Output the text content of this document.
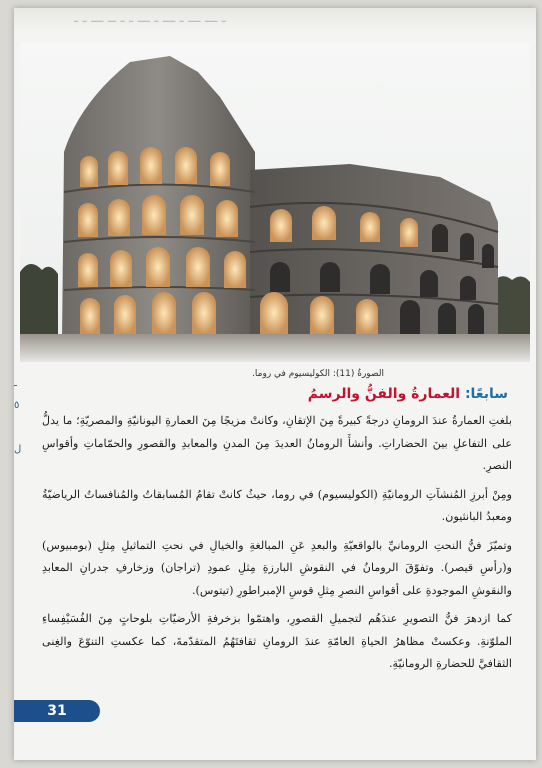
ـ ـــ ـــ ـ ـــ ـ ـــ ـ ـ ــ ـــ ـ ـ
الصورةُ (11): الكوليسيوم في روما.
ـ

٥

ل
سابعًا: العمارةُ والفنُّ والرسمُ

بلغتِ العمارةُ عندَ الرومانِ درجةً كبيرةً مِنَ الإتقانِ، وكانتْ مزيجًا مِنَ العمارةِ اليونانيّةِ والمصريّةِ؛ ما يدلُّ على التفاعلِ بينَ الحضاراتِ. وأنشأَ الرومانُ العديدَ مِنَ المدنِ والمعابدِ والقصورِ والحمّاماتِ وأقواسِ النصرِ.

ومِنْ أبرزِ المُنشآتِ الرومانيّةِ (الكوليسيوم) في روما، حيثُ كانتْ تقامُ المُسابقاتُ والمُنافساتُ الرياضيّةُ ومعبدُ البانثيون.

وتميّزَ فنُّ النحتِ الرومانيِّ بالواقعيّةِ والبعدِ عَنِ المبالغةِ والخيالِ في نحتِ التماثيلِ مِثلِ (بومبيوس) و(رأسِ قيصر). وتفوّقَ الرومانُ في النقوشِ البارزةِ مِثلِ عمودِ (تراجان) وزخارفِ جدرانِ المعابدِ والنقوشِ الموجودةِ على أقواسِ النصرِ مِثلِ قوسِ الإمبراطورِ (تيتوس).

كما ازدهرَ فنُّ التصويرِ عندَهُم لتجميلِ القصورِ، واهتمّوا بزخرفةِ الأرضيّاتِ بلوحاتٍ مِنَ الفُسَيْفِساءِ الملوّنةِ. وعكستْ مظاهرُ الحياةِ العامّةِ عندَ الرومانِ ثقافتَهُمُ المتقدّمةَ، كما عكستِ التنوّعَ والغِنى الثقافيَّ للحضارةِ الرومانيّةِ.

31
